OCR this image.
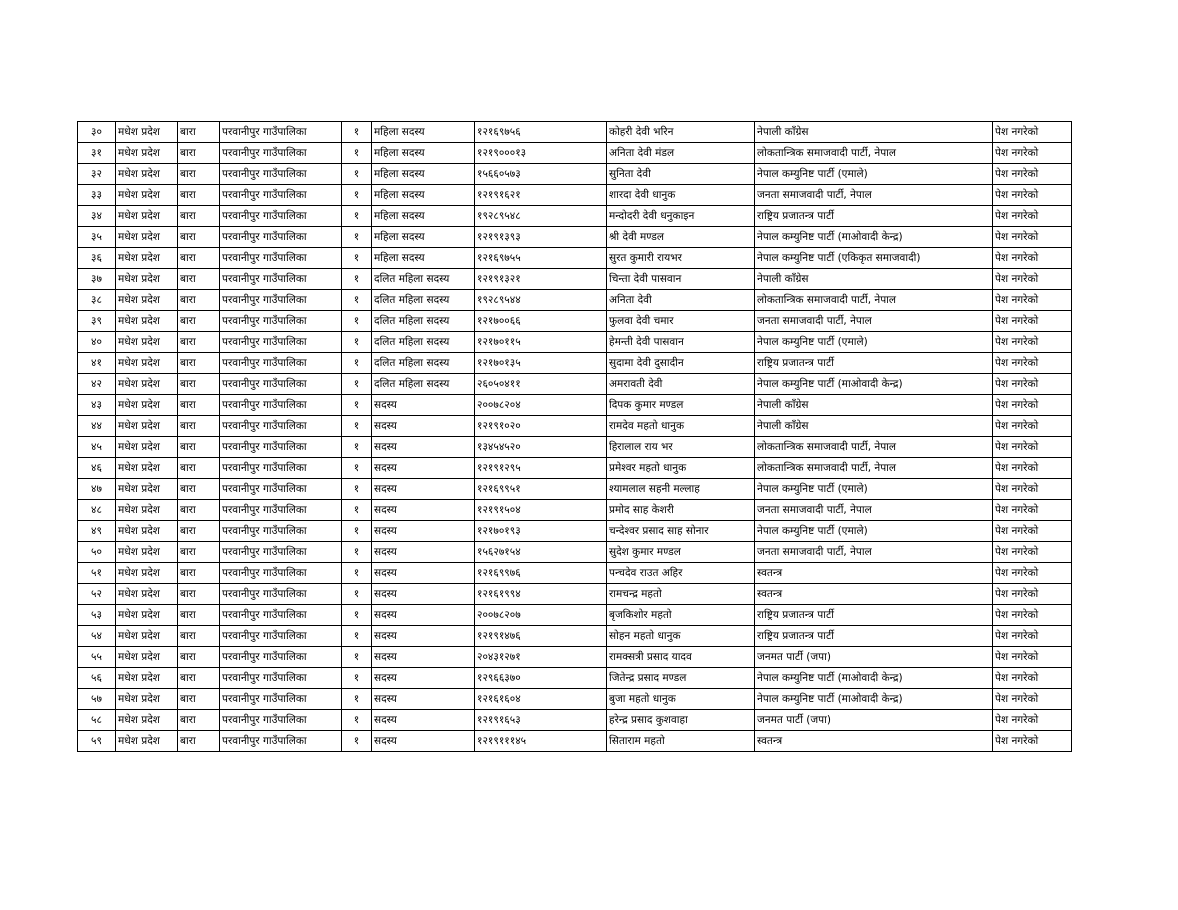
३०	मधेश प्रदेश	बारा	परवानीपुर गाउँपालिका	१	महिला सदस्य	१२१६९७५६	कोहरी देवी भरिन	नेपाली काँग्रेस	पेश नगरेको
३१	मधेश प्रदेश	बारा	परवानीपुर गाउँपालिका	१	महिला सदस्य	१२१९०००१३	अनिता देवी मंडल	लोकतान्त्रिक समाजवादी पार्टी, नेपाल	पेश नगरेको
३२	मधेश प्रदेश	बारा	परवानीपुर गाउँपालिका	१	महिला सदस्य	१५६६०५७३	सुनिता देवी	नेपाल कम्युनिष्ट पार्टी (एमाले)	पेश नगरेको
३३	मधेश प्रदेश	बारा	परवानीपुर गाउँपालिका	१	महिला सदस्य	१२१९१६२१	शारदा देवी धानुक	जनता समाजवादी पार्टी, नेपाल	पेश नगरेको
३४	मधेश प्रदेश	बारा	परवानीपुर गाउँपालिका	१	महिला सदस्य	१९२८९५४८	मन्दोदरी देवी धनुकाइन	राष्ट्रिय प्रजातन्त्र पार्टी	पेश नगरेको
३५	मधेश प्रदेश	बारा	परवानीपुर गाउँपालिका	१	महिला सदस्य	१२१९१३९३	श्री देवी मण्डल	नेपाल कम्युनिष्ट पार्टी (माओवादी केन्द्र)	पेश नगरेको
३६	मधेश प्रदेश	बारा	परवानीपुर गाउँपालिका	१	महिला सदस्य	१२१६९७५५	सुरत कुमारी रायभर	नेपाल कम्युनिष्ट पार्टी (एकिकृत समाजवादी)	पेश नगरेको
३७	मधेश प्रदेश	बारा	परवानीपुर गाउँपालिका	१	दलित महिला सदस्य	१२१९१३२१	चिन्ता देवी पासवान	नेपाली काँग्रेस	पेश नगरेको
३८	मधेश प्रदेश	बारा	परवानीपुर गाउँपालिका	१	दलित महिला सदस्य	१९२८९५४४	अनिता देवी	लोकतान्त्रिक समाजवादी पार्टी, नेपाल	पेश नगरेको
३९	मधेश प्रदेश	बारा	परवानीपुर गाउँपालिका	१	दलित महिला सदस्य	१२१७००६६	फुलवा देवी चमार	जनता समाजवादी पार्टी, नेपाल	पेश नगरेको
४०	मधेश प्रदेश	बारा	परवानीपुर गाउँपालिका	१	दलित महिला सदस्य	१२१७०११५	हेमन्ती देवी पासवान	नेपाल कम्युनिष्ट पार्टी (एमाले)	पेश नगरेको
४१	मधेश प्रदेश	बारा	परवानीपुर गाउँपालिका	१	दलित महिला सदस्य	१२१७०१३५	सुदामा देवी दुसादीन	राष्ट्रिय प्रजातन्त्र पार्टी	पेश नगरेको
४२	मधेश प्रदेश	बारा	परवानीपुर गाउँपालिका	१	दलित महिला सदस्य	२६०५०४११	अमरावती देवी	नेपाल कम्युनिष्ट पार्टी (माओवादी केन्द्र)	पेश नगरेको
४३	मधेश प्रदेश	बारा	परवानीपुर गाउँपालिका	१	सदस्य	२००७८२०४	दिपक कुमार मण्डल	नेपाली काँग्रेस	पेश नगरेको
४४	मधेश प्रदेश	बारा	परवानीपुर गाउँपालिका	१	सदस्य	१२१९१०२०	रामदेव महतो धानुक	नेपाली काँग्रेस	पेश नगरेको
४५	मधेश प्रदेश	बारा	परवानीपुर गाउँपालिका	१	सदस्य	१३४५४५२०	हिरालाल राय भर	लोकतान्त्रिक समाजवादी पार्टी, नेपाल	पेश नगरेको
४६	मधेश प्रदेश	बारा	परवानीपुर गाउँपालिका	१	सदस्य	१२१९१२९५	प्रमेश्वर महतो धानुक	लोकतान्त्रिक समाजवादी पार्टी, नेपाल	पेश नगरेको
४७	मधेश प्रदेश	बारा	परवानीपुर गाउँपालिका	१	सदस्य	१२१६९९५१	श्यामलाल सहनी मल्लाह	नेपाल कम्युनिष्ट पार्टी (एमाले)	पेश नगरेको
४८	मधेश प्रदेश	बारा	परवानीपुर गाउँपालिका	१	सदस्य	१२१९१५०४	प्रमोद साह केशरी	जनता समाजवादी पार्टी, नेपाल	पेश नगरेको
४९	मधेश प्रदेश	बारा	परवानीपुर गाउँपालिका	१	सदस्य	१२१७०१९३	चन्देश्वर प्रसाद साह सोनार	नेपाल कम्युनिष्ट पार्टी (एमाले)	पेश नगरेको
५०	मधेश प्रदेश	बारा	परवानीपुर गाउँपालिका	१	सदस्य	१५६२७१५४	सुदेश कुमार मण्डल	जनता समाजवादी पार्टी, नेपाल	पेश नगरेको
५१	मधेश प्रदेश	बारा	परवानीपुर गाउँपालिका	१	सदस्य	१२१६९९७६	पन्चदेव राउत अहिर	स्वतन्त्र	पेश नगरेको
५२	मधेश प्रदेश	बारा	परवानीपुर गाउँपालिका	१	सदस्य	१२१६१९९४	रामचन्द्र महतो	स्वतन्त्र	पेश नगरेको
५३	मधेश प्रदेश	बारा	परवानीपुर गाउँपालिका	१	सदस्य	२००७८२०७	बृजकिशोर महतो	राष्ट्रिय प्रजातन्त्र पार्टी	पेश नगरेको
५४	मधेश प्रदेश	बारा	परवानीपुर गाउँपालिका	१	सदस्य	१२१९१४७६	सोहन महतो धानुक	राष्ट्रिय प्रजातन्त्र पार्टी	पेश नगरेको
५५	मधेश प्रदेश	बारा	परवानीपुर गाउँपालिका	१	सदस्य	२०४३१२७१	रामक्सत्री प्रसाद यादव	जनमत पार्टी (जपा)	पेश नगरेको
५६	मधेश प्रदेश	बारा	परवानीपुर गाउँपालिका	१	सदस्य	१२९६६३७०	जितेन्द्र प्रसाद मण्डल	नेपाल कम्युनिष्ट पार्टी (माओवादी केन्द्र)	पेश नगरेको
५७	मधेश प्रदेश	बारा	परवानीपुर गाउँपालिका	१	सदस्य	१२१६१६०४	बुजा महतो धानुक	नेपाल कम्युनिष्ट पार्टी (माओवादी केन्द्र)	पेश नगरेको
५८	मधेश प्रदेश	बारा	परवानीपुर गाउँपालिका	१	सदस्य	१२१९१६५३	हरेन्द्र प्रसाद कुशवाहा	जनमत पार्टी (जपा)	पेश नगरेको
५९	मधेश प्रदेश	बारा	परवानीपुर गाउँपालिका	१	सदस्य	१२१९१११४५	सिताराम महतो	स्वतन्त्र	पेश नगरेको
